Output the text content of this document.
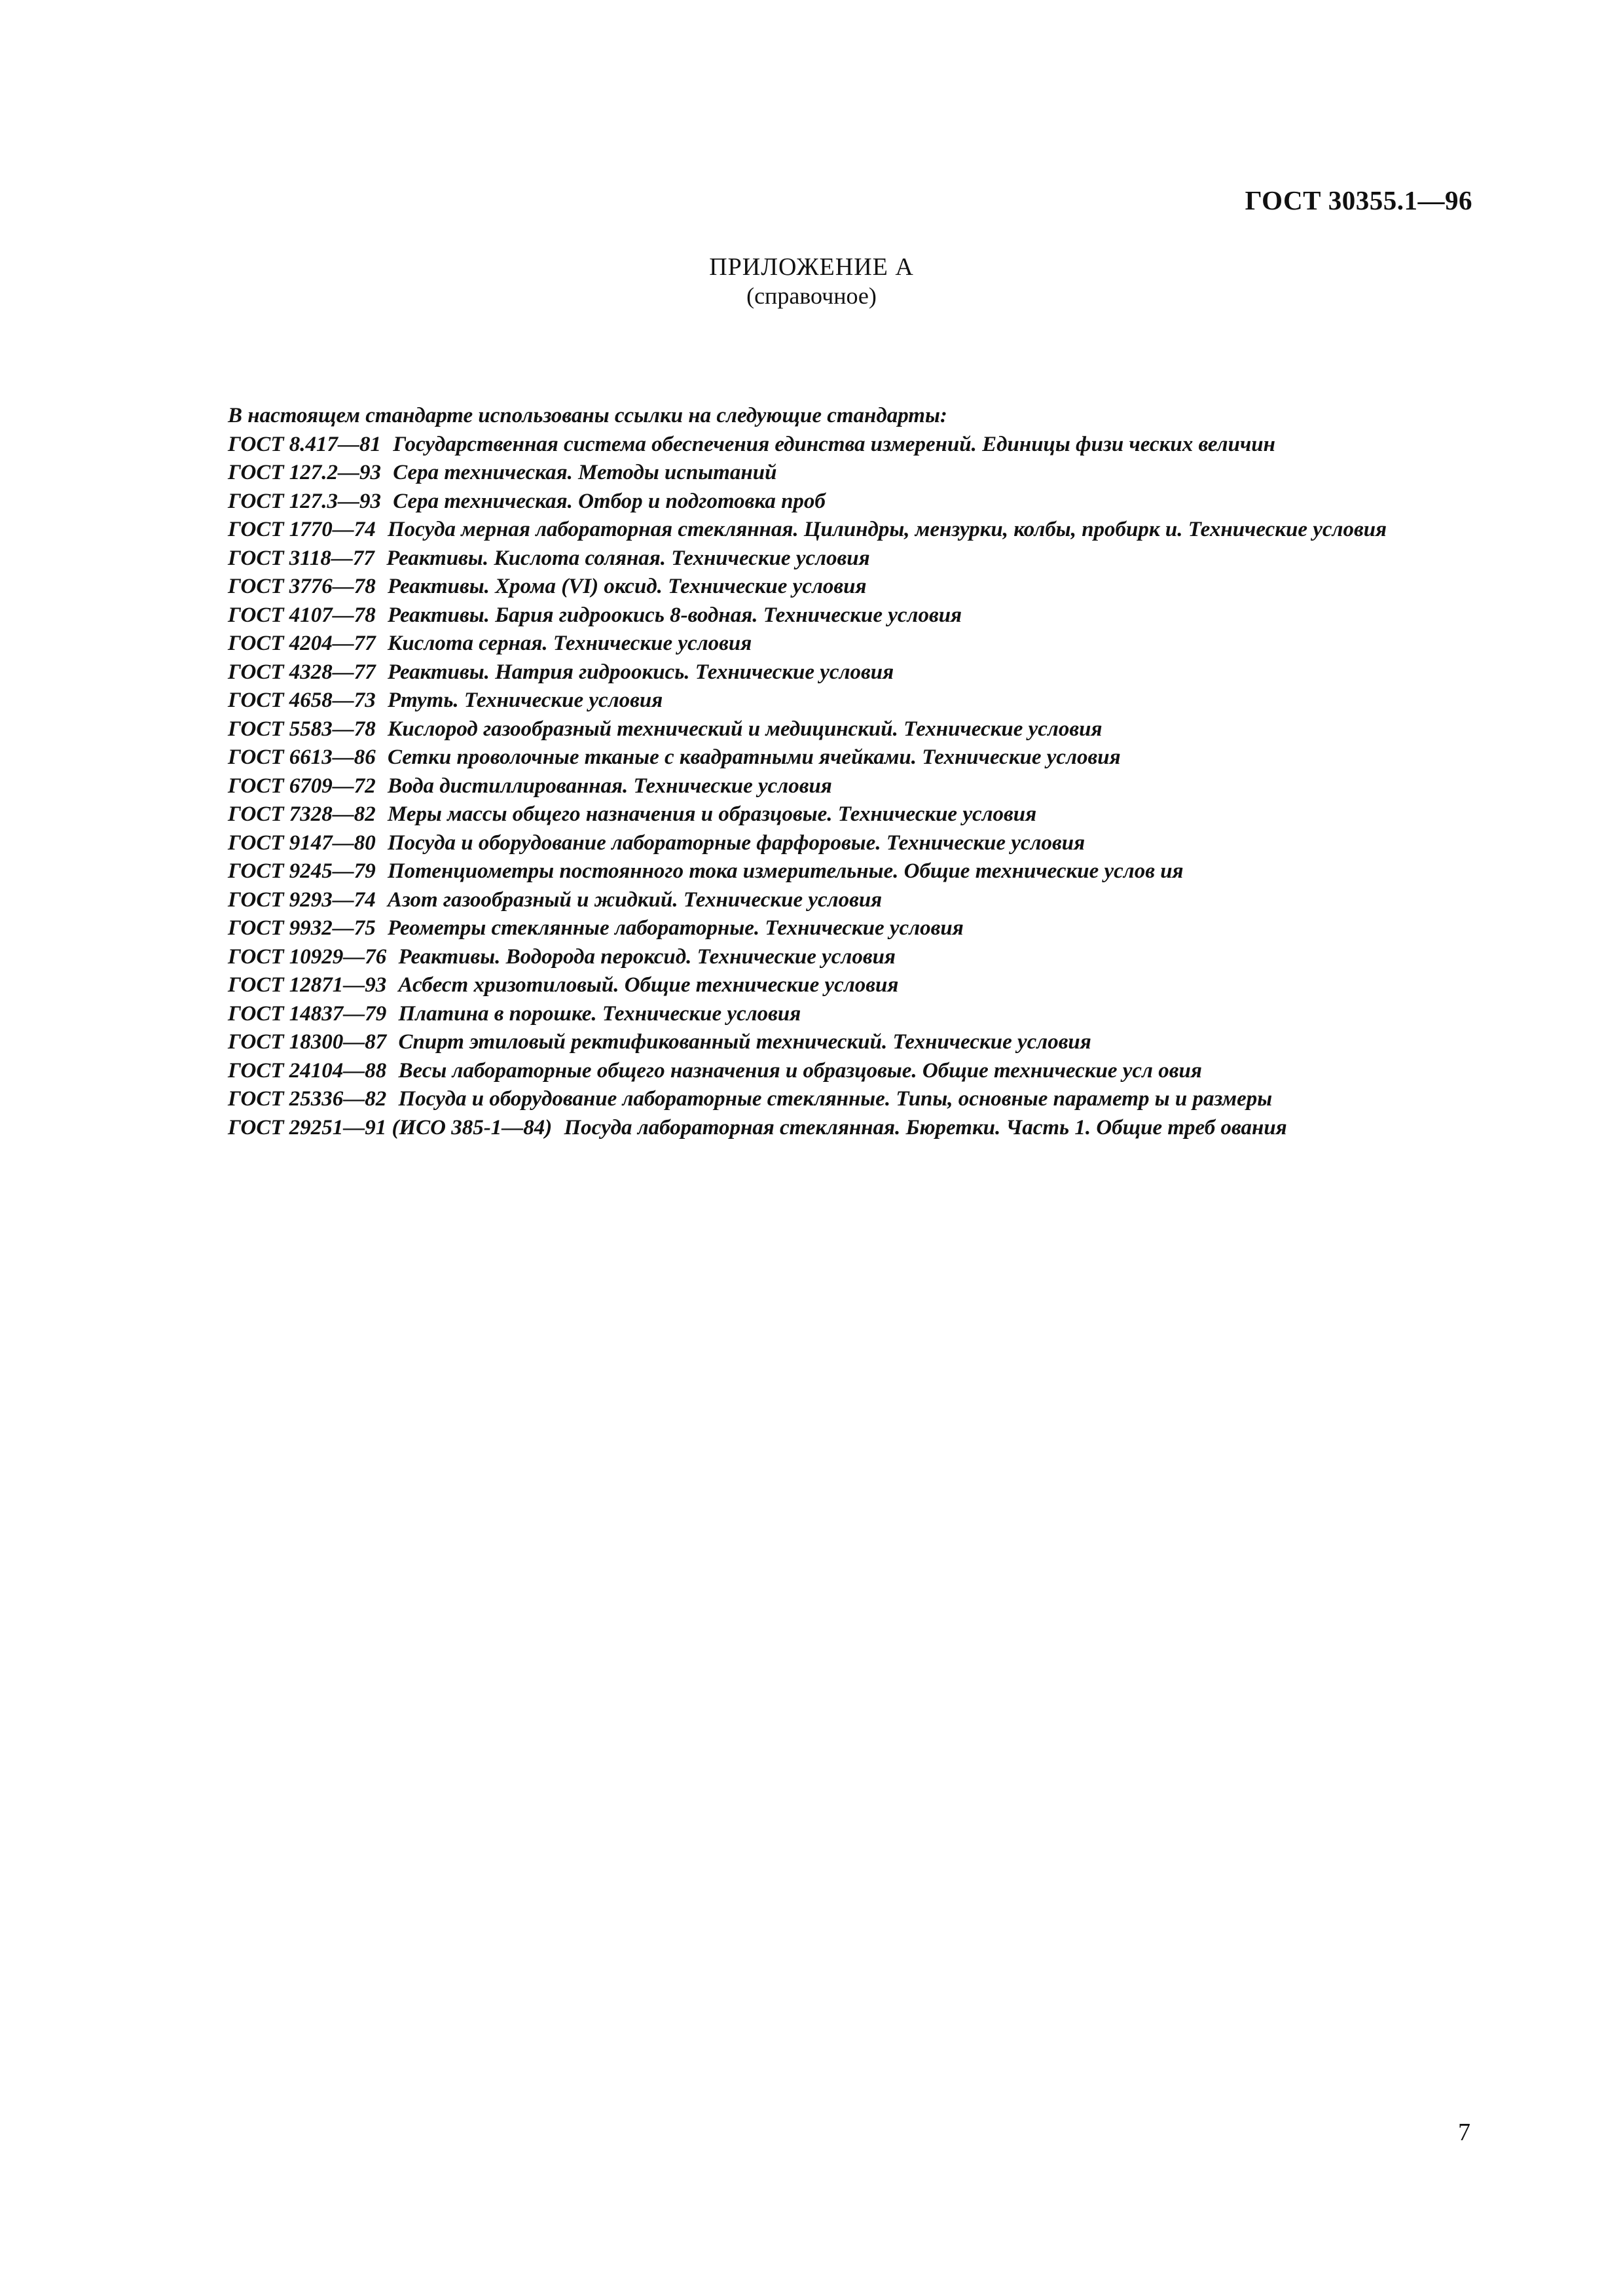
ГОСТ 30355.1—96
ПРИЛОЖЕНИЕ А
(справочное)
В настоящем стандарте использованы ссылки на следующие стандарты:
ГОСТ 8.417—81 Государственная система обеспечения единства измерений. Единицы физи ческих величин
ГОСТ 127.2—93 Сера техническая. Методы испытаний
ГОСТ 127.3—93 Сера техническая. Отбор и подготовка проб
ГОСТ 1770—74 Посуда мерная лабораторная стеклянная. Цилиндры, мензурки, колбы, пробирк и. Технические условия
ГОСТ 3118—77 Реактивы. Кислота соляная. Технические условия
ГОСТ 3776—78 Реактивы. Хрома (VI) оксид. Технические условия
ГОСТ 4107—78 Реактивы. Бария гидроокись 8-водная. Технические условия
ГОСТ 4204—77 Кислота серная. Технические условия
ГОСТ 4328—77 Реактивы. Натрия гидроокись. Технические условия
ГОСТ 4658—73 Ртуть. Технические условия
ГОСТ 5583—78 Кислород газообразный технический и медицинский. Технические условия
ГОСТ 6613—86 Сетки проволочные тканые с квадратными ячейками. Технические условия
ГОСТ 6709—72 Вода дистиллированная. Технические условия
ГОСТ 7328—82 Меры массы общего назначения и образцовые. Технические условия
ГОСТ 9147—80 Посуда и оборудование лабораторные фарфоровые. Технические условия
ГОСТ 9245—79 Потенциометры постоянного тока измерительные. Общие технические услов ия
ГОСТ 9293—74 Азот газообразный и жидкий. Технические условия
ГОСТ 9932—75 Реометры стеклянные лабораторные. Технические условия
ГОСТ 10929—76 Реактивы. Водорода пероксид. Технические условия
ГОСТ 12871—93 Асбест хризотиловый. Общие технические условия
ГОСТ 14837—79 Платина в порошке. Технические условия
ГОСТ 18300—87 Спирт этиловый ректификованный технический. Технические условия
ГОСТ 24104—88 Весы лабораторные общего назначения и образцовые. Общие технические усл овия
ГОСТ 25336—82 Посуда и оборудование лабораторные стеклянные. Типы, основные параметр ы и размеры
ГОСТ 29251—91 (ИСО 385-1—84) Посуда лабораторная стеклянная. Бюретки. Часть 1. Общие треб ования
7
